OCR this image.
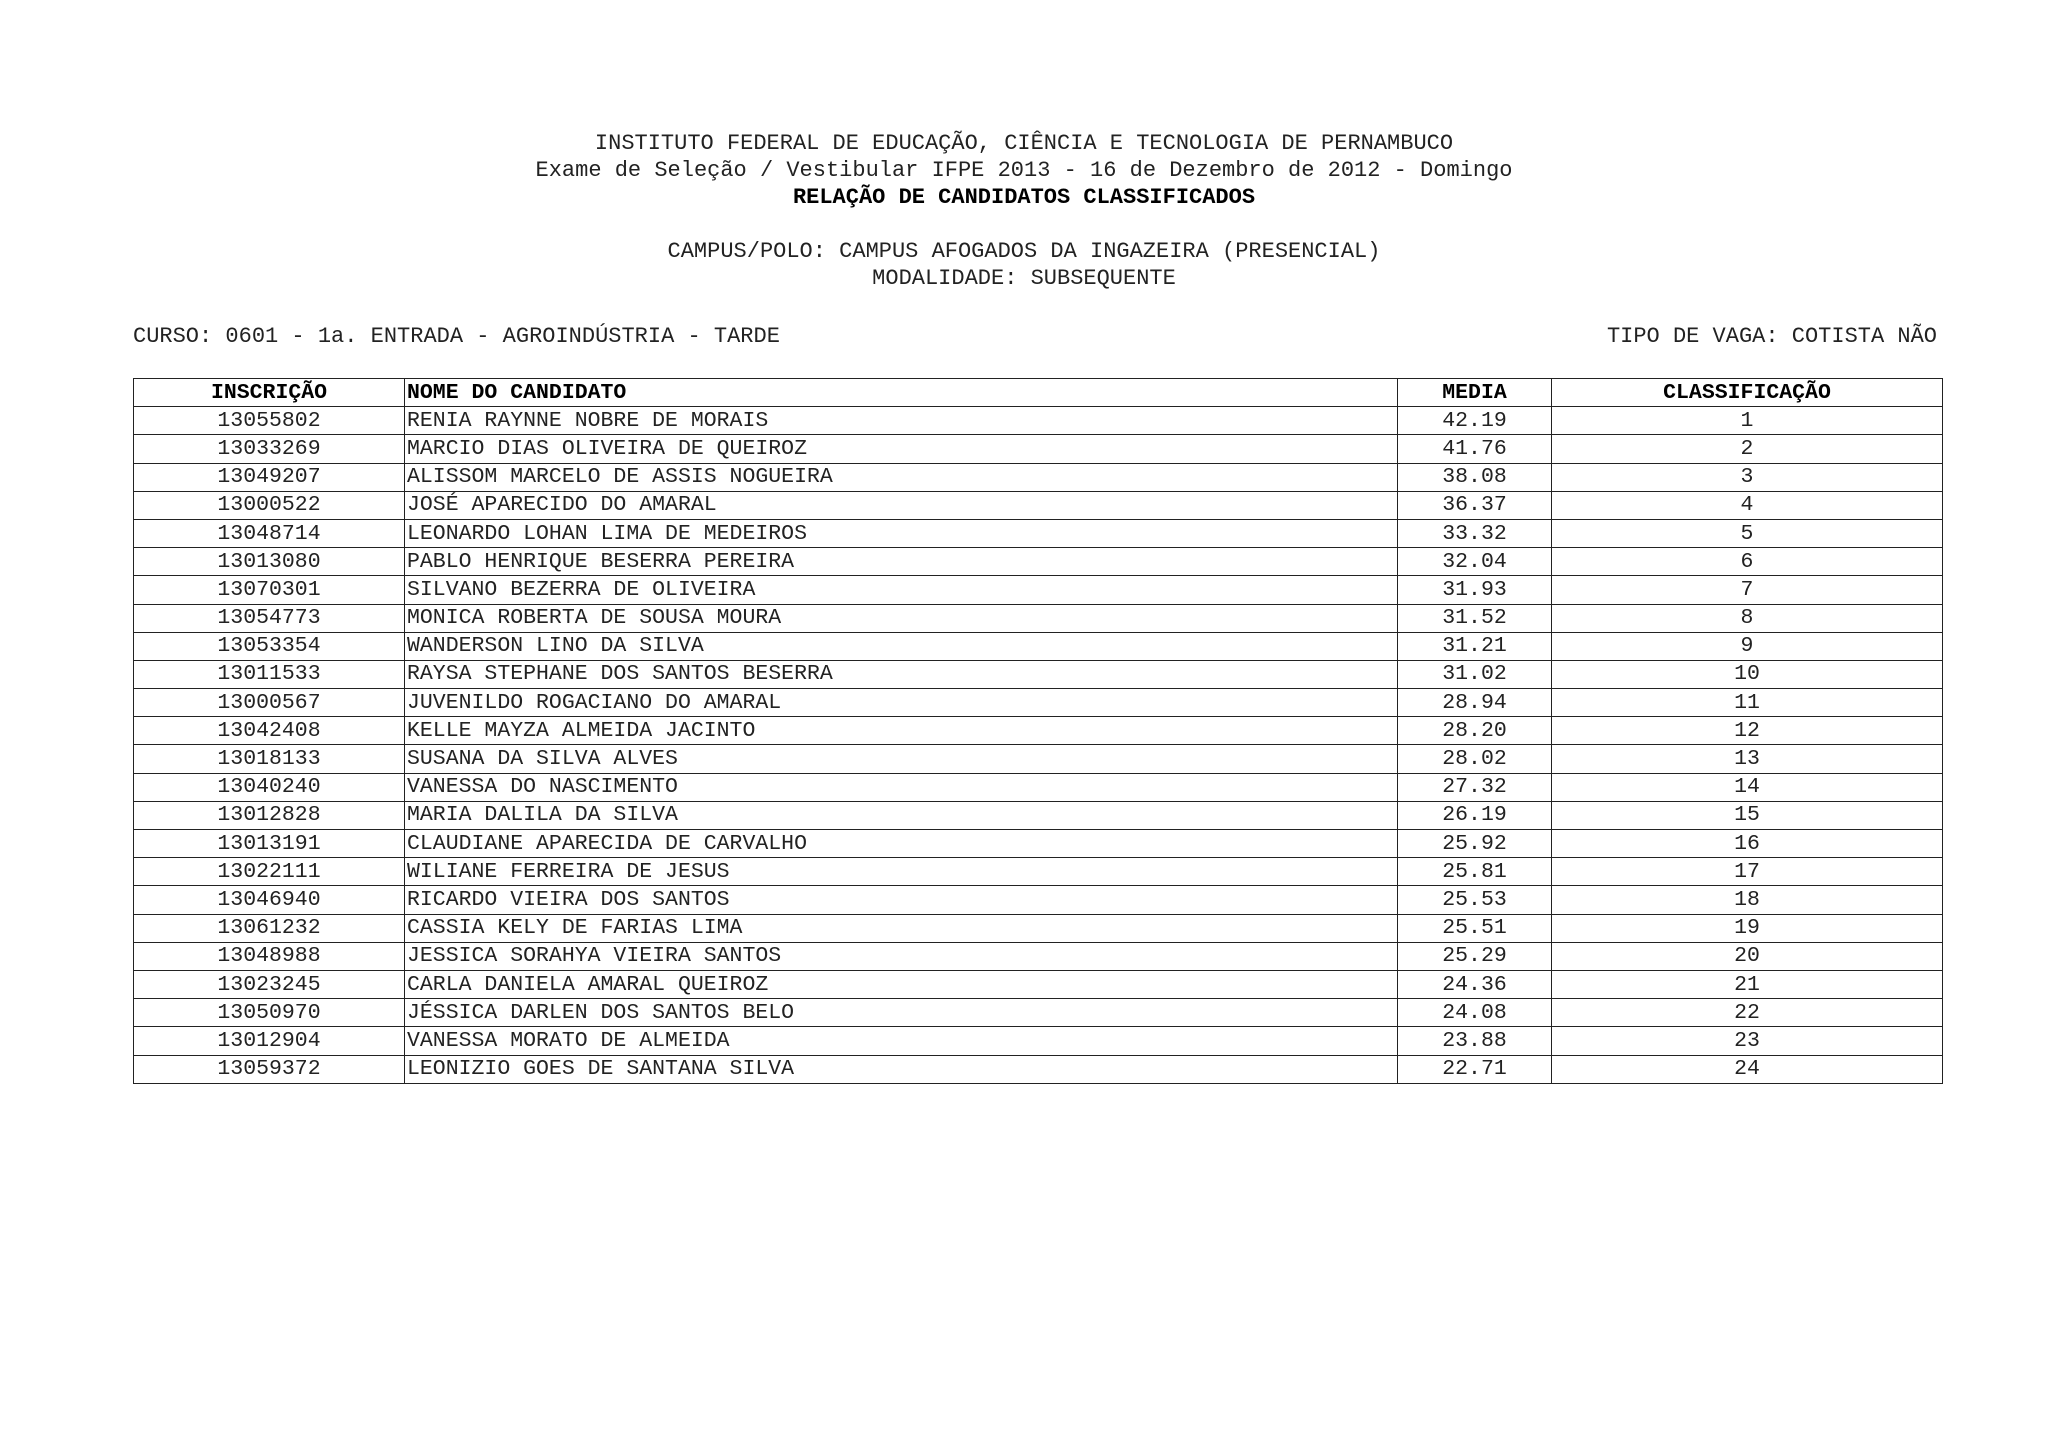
INSTITUTO FEDERAL DE EDUCAÇÃO, CIÊNCIA E TECNOLOGIA DE PERNAMBUCO
Exame de Seleção / Vestibular IFPE 2013 - 16 de Dezembro de 2012 - Domingo
RELAÇÃO DE CANDIDATOS CLASSIFICADOS
CAMPUS/POLO: CAMPUS AFOGADOS DA INGAZEIRA (PRESENCIAL)
MODALIDADE: SUBSEQUENTE
CURSO: 0601 - 1a. ENTRADA - AGROINDÚSTRIA - TARDE	TIPO DE VAGA: COTISTA NÃO
INSCRIÇÃO	NOME DO CANDIDATO	MEDIA	CLASSIFICAÇÃO
13055802	RENIA RAYNNE NOBRE DE MORAIS	42.19	1
13033269	MARCIO DIAS OLIVEIRA DE QUEIROZ	41.76	2
13049207	ALISSOM MARCELO DE ASSIS NOGUEIRA	38.08	3
13000522	JOSÉ APARECIDO DO AMARAL	36.37	4
13048714	LEONARDO LOHAN LIMA DE MEDEIROS	33.32	5
13013080	PABLO HENRIQUE BESERRA PEREIRA	32.04	6
13070301	SILVANO BEZERRA DE OLIVEIRA	31.93	7
13054773	MONICA ROBERTA DE SOUSA MOURA	31.52	8
13053354	WANDERSON LINO DA SILVA	31.21	9
13011533	RAYSA STEPHANE DOS SANTOS BESERRA	31.02	10
13000567	JUVENILDO ROGACIANO DO AMARAL	28.94	11
13042408	KELLE MAYZA ALMEIDA JACINTO	28.20	12
13018133	SUSANA DA SILVA ALVES	28.02	13
13040240	VANESSA DO NASCIMENTO	27.32	14
13012828	MARIA DALILA DA SILVA	26.19	15
13013191	CLAUDIANE APARECIDA DE CARVALHO	25.92	16
13022111	WILIANE FERREIRA DE JESUS	25.81	17
13046940	RICARDO VIEIRA DOS SANTOS	25.53	18
13061232	CASSIA KELY DE FARIAS LIMA	25.51	19
13048988	JESSICA SORAHYA VIEIRA SANTOS	25.29	20
13023245	CARLA DANIELA AMARAL QUEIROZ	24.36	21
13050970	JÉSSICA DARLEN DOS SANTOS BELO	24.08	22
13012904	VANESSA MORATO DE ALMEIDA	23.88	23
13059372	LEONIZIO GOES DE SANTANA SILVA	22.71	24
